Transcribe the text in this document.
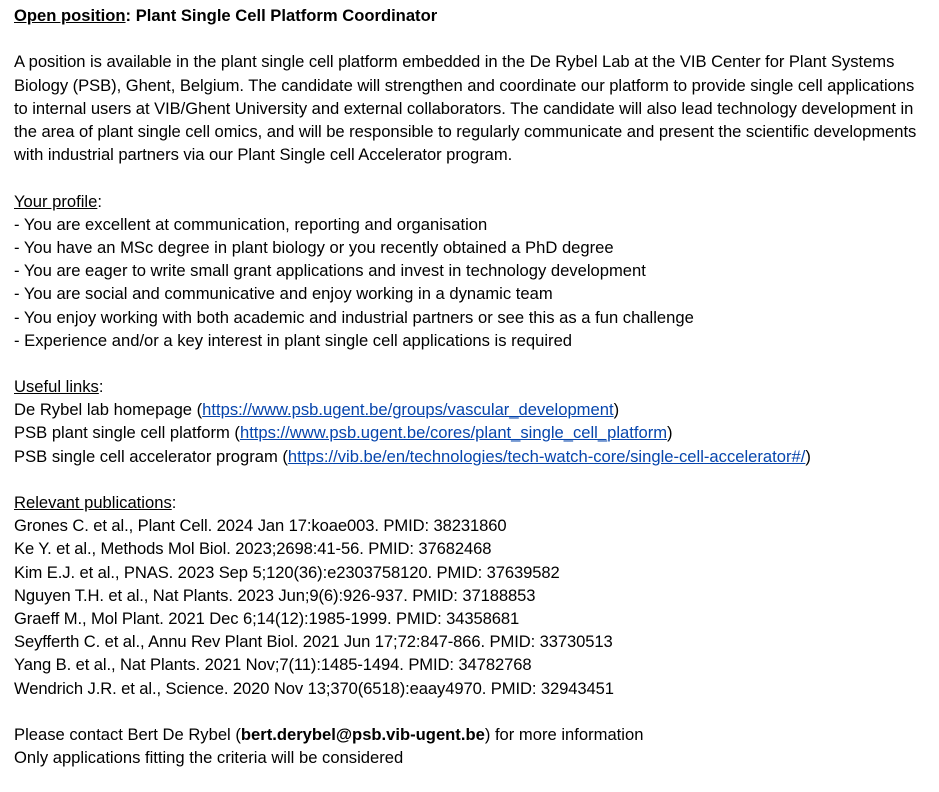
Open position: Plant Single Cell Platform Coordinator
A position is available in the plant single cell platform embedded in the De Rybel Lab at the VIB Center for Plant Systems Biology (PSB), Ghent, Belgium. The candidate will strengthen and coordinate our platform to provide single cell applications to internal users at VIB/Ghent University and external collaborators. The candidate will also lead technology development in the area of plant single cell omics, and will be responsible to regularly communicate and present the scientific developments with industrial partners via our Plant Single cell Accelerator program.
Your profile:
- You are excellent at communication, reporting and organisation
- You have an MSc degree in plant biology or you recently obtained a PhD degree
- You are eager to write small grant applications and invest in technology development
- You are social and communicative and enjoy working in a dynamic team
- You enjoy working with both academic and industrial partners or see this as a fun challenge
- Experience and/or a key interest in plant single cell applications is required
Useful links:
De Rybel lab homepage (https://www.psb.ugent.be/groups/vascular_development)
PSB plant single cell platform (https://www.psb.ugent.be/cores/plant_single_cell_platform)
PSB single cell accelerator program (https://vib.be/en/technologies/tech-watch-core/single-cell-accelerator#/)
Relevant publications:
Grones C. et al., Plant Cell. 2024 Jan 17:koae003. PMID: 38231860
Ke Y. et al., Methods Mol Biol. 2023;2698:41-56. PMID: 37682468
Kim E.J. et al., PNAS. 2023 Sep 5;120(36):e2303758120. PMID: 37639582
Nguyen T.H. et al., Nat Plants. 2023 Jun;9(6):926-937. PMID: 37188853
Graeff M., Mol Plant. 2021 Dec 6;14(12):1985-1999. PMID: 34358681
Seyfferth C. et al., Annu Rev Plant Biol. 2021 Jun 17;72:847-866. PMID: 33730513
Yang B. et al., Nat Plants. 2021 Nov;7(11):1485-1494. PMID: 34782768
Wendrich J.R. et al., Science. 2020 Nov 13;370(6518):eaay4970. PMID: 32943451
Please contact Bert De Rybel (bert.derybel@psb.vib-ugent.be) for more information
Only applications fitting the criteria will be considered
